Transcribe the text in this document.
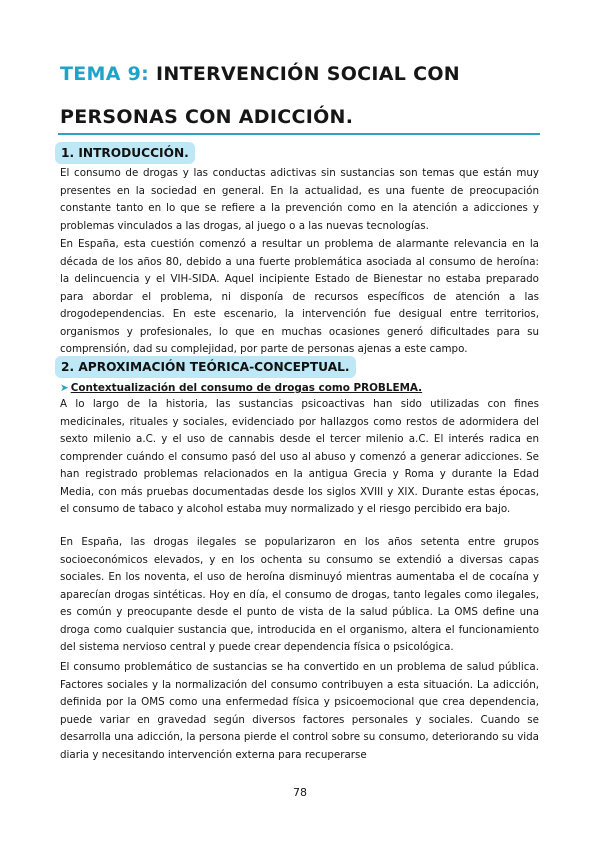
TEMA 9: INTERVENCIÓN SOCIAL CON
PERSONAS CON ADICCIÓN.
1. INTRODUCCIÓN.

El consumo de drogas y las conductas adictivas sin sustancias son temas que están muy presentes en la sociedad en general. En la actualidad, es una fuente de preocupación constante tanto en lo que se refiere a la prevención como en la atención a adicciones y problemas vinculados a las drogas, al juego o a las nuevas tecnologías.

En España, esta cuestión comenzó a resultar un problema de alarmante relevancia en la década de los años 80, debido a una fuerte problemática asociada al consumo de heroína: la delincuencia y el VIH-SIDA. Aquel incipiente Estado de Bienestar no estaba preparado para abordar el problema, ni disponía de recursos específicos de atención a las drogodependencias. En este escenario, la intervención fue desigual entre territorios, organismos y profesionales, lo que en muchas ocasiones generó dificultades para su comprensión, dad su complejidad, por parte de personas ajenas a este campo.

2. APROXIMACIÓN TEÓRICA-CONCEPTUAL.

➤ Contextualización del consumo de drogas como PROBLEMA.

A lo largo de la historia, las sustancias psicoactivas han sido utilizadas con fines medicinales, rituales y sociales, evidenciado por hallazgos como restos de adormidera del sexto milenio a.C. y el uso de cannabis desde el tercer milenio a.C. El interés radica en comprender cuándo el consumo pasó del uso al abuso y comenzó a generar adicciones. Se han registrado problemas relacionados en la antigua Grecia y Roma y durante la Edad Media, con más pruebas documentadas desde los siglos XVIII y XIX. Durante estas épocas, el consumo de tabaco y alcohol estaba muy normalizado y el riesgo percibido era bajo.

En España, las drogas ilegales se popularizaron en los años setenta entre grupos socioeconómicos elevados, y en los ochenta su consumo se extendió a diversas capas sociales. En los noventa, el uso de heroína disminuyó mientras aumentaba el de cocaína y aparecían drogas sintéticas. Hoy en día, el consumo de drogas, tanto legales como ilegales, es común y preocupante desde el punto de vista de la salud pública. La OMS define una droga como cualquier sustancia que, introducida en el organismo, altera el funcionamiento del sistema nervioso central y puede crear dependencia física o psicológica.

El consumo problemático de sustancias se ha convertido en un problema de salud pública. Factores sociales y la normalización del consumo contribuyen a esta situación. La adicción, definida por la OMS como una enfermedad física y psicoemocional que crea dependencia, puede variar en gravedad según diversos factores personales y sociales. Cuando se desarrolla una adicción, la persona pierde el control sobre su consumo, deteriorando su vida diaria y necesitando intervención externa para recuperarse

78
